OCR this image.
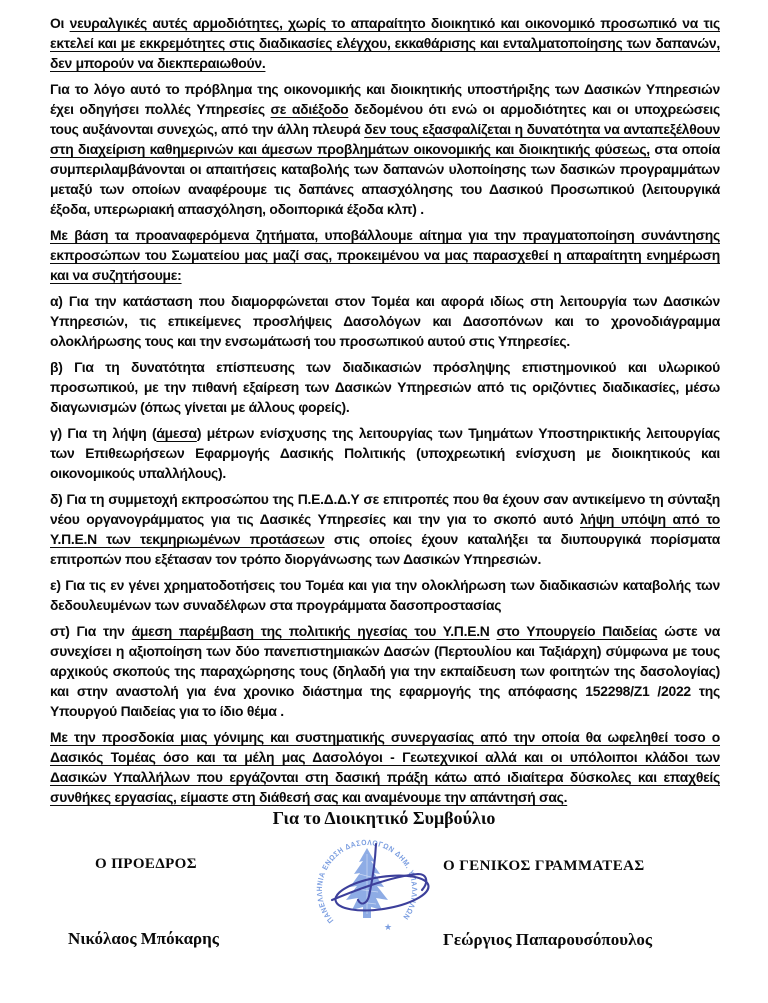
Οι νευραλγικές αυτές αρμοδιότητες, χωρίς το απαραίτητο διοικητικό και οικονομικό προσωπικό να τις εκτελεί και με εκκρεμότητες στις διαδικασίες ελέγχου, εκκαθάρισης και ενταλματοποίησης των δαπανών, δεν μπορούν να διεκπεραιωθούν.

Για το λόγο αυτό το πρόβλημα της οικονομικής και διοικητικής υποστήριξης των Δασικών Υπηρεσιών έχει οδηγήσει πολλές Υπηρεσίες σε αδιέξοδο δεδομένου ότι ενώ οι αρμοδιότητες και οι υποχρεώσεις τους αυξάνονται συνεχώς, από την άλλη πλευρά δεν τους εξασφαλίζεται η δυνατότητα να ανταπεξέλθουν στη διαχείριση καθημερινών και άμεσων προβλημάτων οικονομικής και διοικητικής φύσεως, στα οποία συμπεριλαμβάνονται οι απαιτήσεις καταβολής των δαπανών υλοποίησης των δασικών προγραμμάτων μεταξύ των οποίων αναφέρουμε τις δαπάνες απασχόλησης του Δασικού Προσωπικού (λειτουργικά έξοδα, υπερωριακή απασχόληση, οδοιπορικά έξοδα κλπ) .

Με βάση τα προαναφερόμενα ζητήματα, υποβάλλουμε αίτημα για την πραγματοποίηση συνάντησης εκπροσώπων του Σωματείου μας μαζί σας, προκειμένου να μας παρασχεθεί η απαραίτητη ενημέρωση και να συζητήσουμε:

α) Για την κατάσταση που διαμορφώνεται στον Τομέα και αφορά ιδίως στη λειτουργία των Δασικών Υπηρεσιών, τις επικείμενες προσλήψεις Δασολόγων και Δασοπόνων και το χρονοδιάγραμμα ολοκλήρωσης τους και την ενσωμάτωσή του προσωπικού αυτού στις Υπηρεσίες.

β) Για τη δυνατότητα επίσπευσης των διαδικασιών πρόσληψης επιστημονικού και υλωρικού προσωπικού, με την πιθανή εξαίρεση των Δασικών Υπηρεσιών από τις οριζόντιες διαδικασίες, μέσω διαγωνισμών (όπως γίνεται με άλλους φορείς).

γ) Για τη λήψη (άμεσα) μέτρων ενίσχυσης της λειτουργίας των Τμημάτων Υποστηρικτικής λειτουργίας των Επιθεωρήσεων Εφαρμογής Δασικής Πολιτικής (υποχρεωτική ενίσχυση με διοικητικούς και οικονομικούς υπαλλήλους).

δ) Για τη συμμετοχή εκπροσώπου της Π.Ε.Δ.Δ.Υ σε επιτροπές που θα έχουν σαν αντικείμενο τη σύνταξη νέου οργανογράμματος για τις Δασικές Υπηρεσίες και την για το σκοπό αυτό λήψη υπόψη από το Υ.Π.Ε.Ν των τεκμηριωμένων προτάσεων στις οποίες έχουν καταλήξει τα διυπουργικά πορίσματα επιτροπών που εξέτασαν τον τρόπο διοργάνωσης των Δασικών Υπηρεσιών.

ε) Για τις εν γένει χρηματοδοτήσεις του Τομέα και για την ολοκλήρωση των διαδικασιών καταβολής των δεδουλευμένων των συναδέλφων στα προγράμματα δασοπροστασίας

στ) Για την άμεση παρέμβαση της πολιτικής ηγεσίας του Υ.Π.Ε.Ν στο Υπουργείο Παιδείας ώστε να συνεχίσει η αξιοποίηση των δύο πανεπιστημιακών Δασών (Περτουλίου και Ταξιάρχη) σύμφωνα με τους αρχικούς σκοπούς της παραχώρησης τους (δηλαδή για την εκπαίδευση των φοιτητών της δασολογίας) και στην αναστολή για ένα χρονικο διάστημα της εφαρμογής της απόφασης 152298/Ζ1 /2022 της Υπουργού Παιδείας για το ίδιο θέμα .

Με την προσδοκία μιας γόνιμης και συστηματικής συνεργασίας από την οποία θα ωφεληθεί τοσο ο Δασικός Τομέας όσο και τα μέλη μας Δασολόγοι - Γεωτεχνικοί αλλά και οι υπόλοιποι κλάδοι των Δασικών Υπαλλήλων που εργάζονται στη δασική πράξη κάτω από ιδιαίτερα δύσκολες και επαχθείς συνθήκες εργασίας, είμαστε στη διάθεσή σας και αναμένουμε την απάντησή σας.

Για το Διοικητικό Συμβούλιο
Ο ΠΡΟΕΔΡΟΣ	Ο ΓΕΝΙΚΟΣ ΓΡΑΜΜΑΤΕΑΣ
Νικόλαος Μπόκαρης	Γεώργιος Παπαρουσόπουλος
ΠΑΝΕΛΛΗΝΙΑ ΕΝΩΣΗ ΔΑΣΟΛΟΓΩΝ ΔΗΜ. ΥΠΑΛΛΗΛΩΝ
★
